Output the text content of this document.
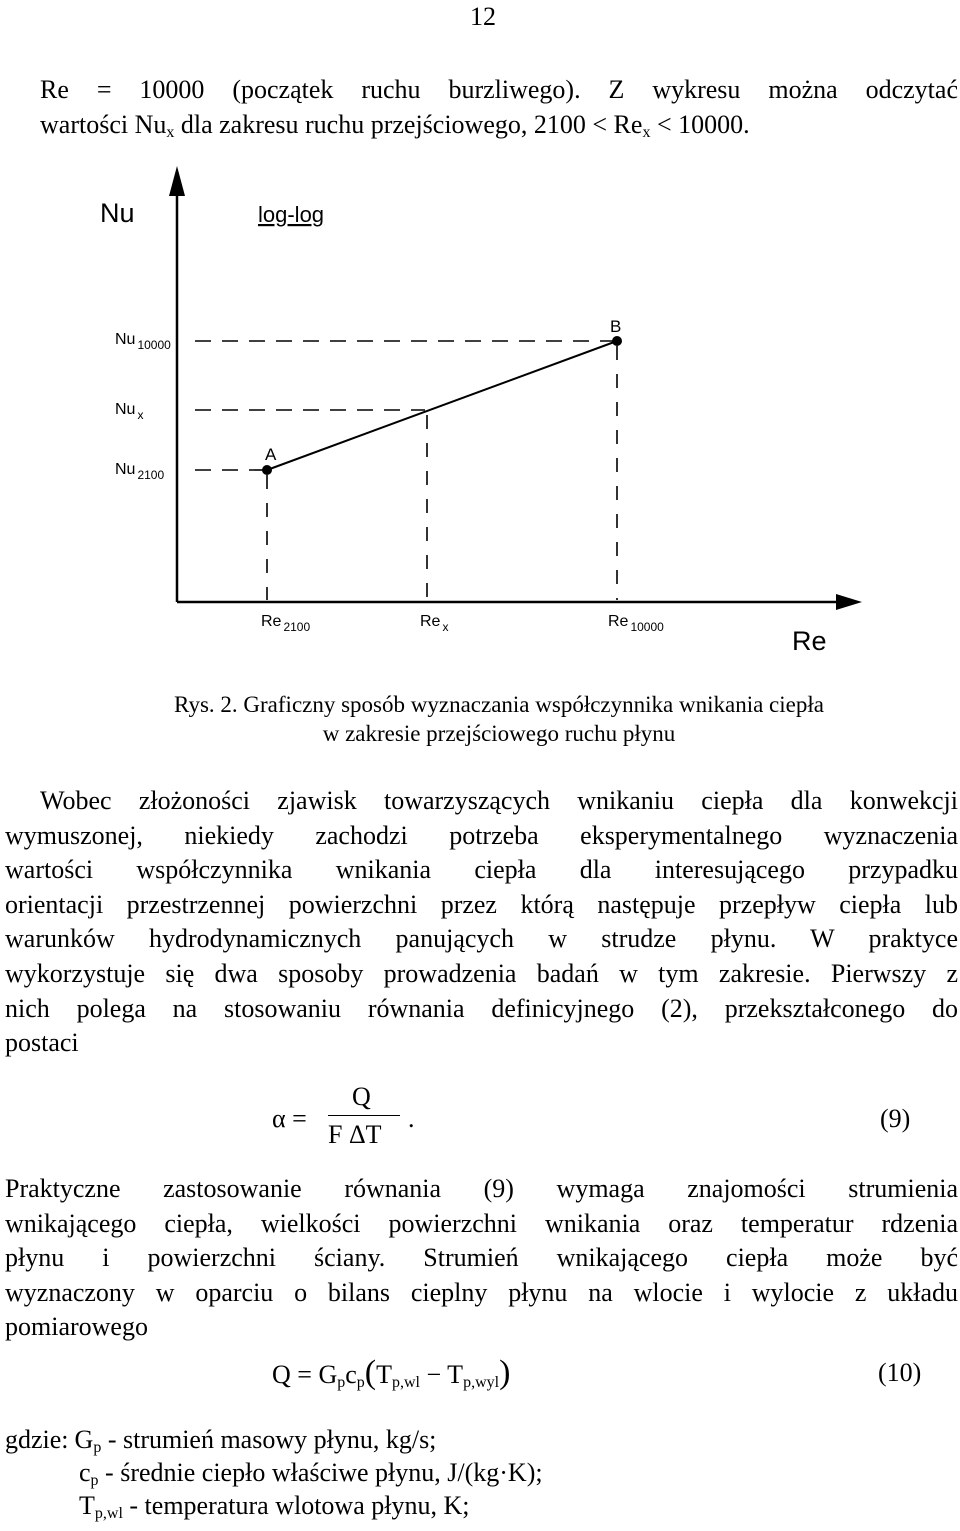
12
Re = 10000 (początek ruchu burzliwego). Z wykresu można odczytać
wartości $Nu_x$ dla zakresu ruchu przejściowego, $2100 < Re_x < 10000$.
Nu	log-log
Re
A
B
Nu $_{10000}$
Nu $_x$
Nu $_{2100}$
Re $_{2100}$	Re $_x$	Re $_{10000}$
Rys. 2. Graficzny sposób wyznaczania współczynnika wnikania ciepła
w zakresie przejściowego ruchu płynu
Wobec złożoności zjawisk towarzyszących wnikaniu ciepła dla konwekcji
wymuszonej, niekiedy zachodzi potrzeba eksperymentalnego wyznaczenia
wartości współczynnika wnikania ciepła dla interesującego przypadku
orientacji przestrzennej powierzchni przez którą następuje przepływ ciepła lub
warunków hydrodynamicznych panujących w strudze płynu. W praktyce
wykorzystuje się dwa sposoby prowadzenia badań w tym zakresie. Pierwszy z
nich polega na stosowaniu równania definicyjnego (2), przekształconego do
postaci
α =
Q
F ΔT
.	(9)
Praktyczne zastosowanie równania (9) wymaga znajomości strumienia
wnikającego ciepła, wielkości powierzchni wnikania oraz temperatur rdzenia
płynu i powierzchni ściany. Strumień wnikającego ciepła może być
wyznaczony w oparciu o bilans cieplny płynu na wlocie i wylocie z układu
pomiarowego
$Q = G_pc_p(T_{p,wl} - T_{p,wyl})$	(10)
gdzie: $G_p$ - strumień masowy płynu, kg/s;
$c_p$ - średnie ciepło właściwe płynu, J/(kg·K);
$T_{p,wl}$ - temperatura wlotowa płynu, K;
